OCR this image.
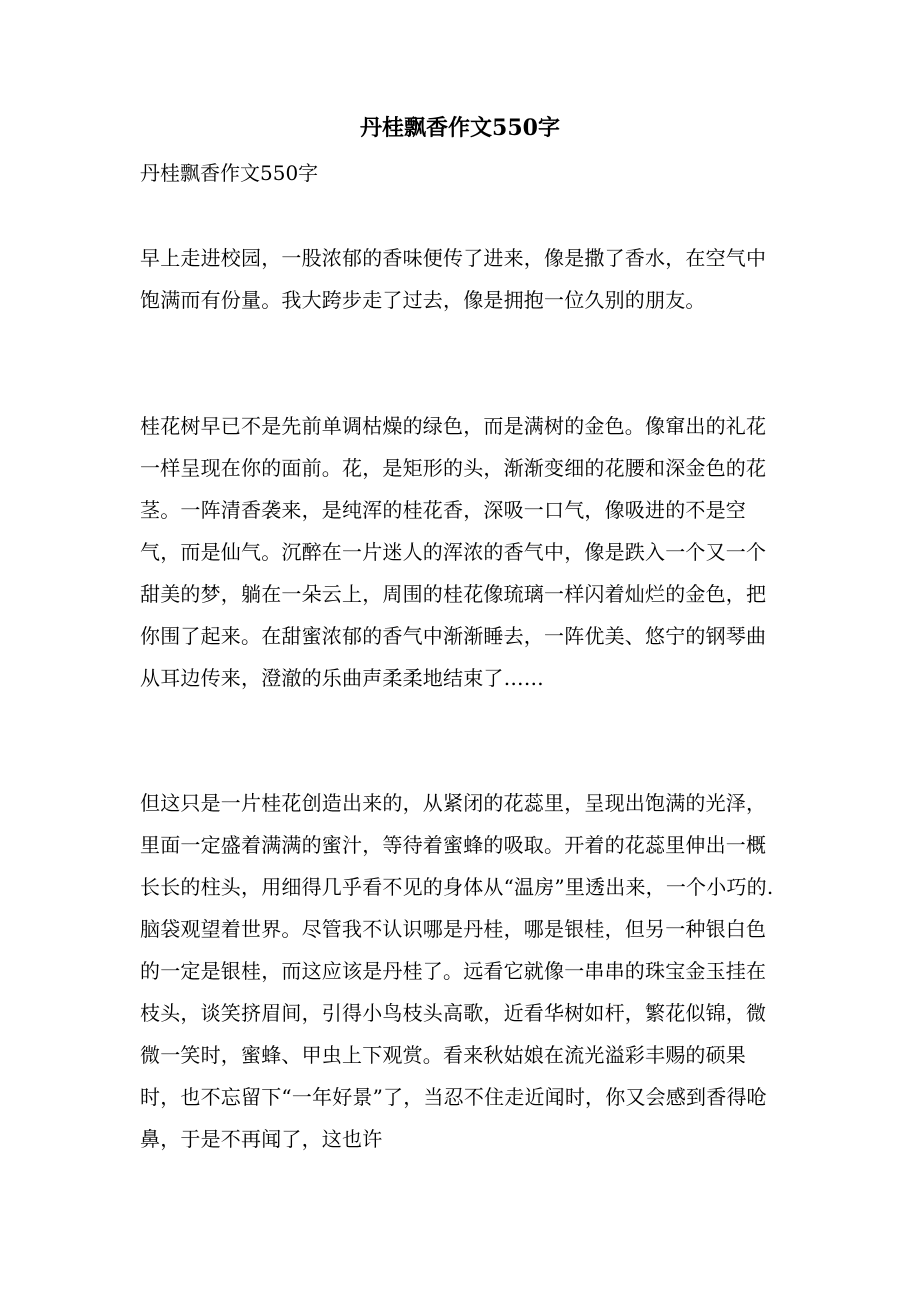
丹桂飘香作文550字
丹桂飘香作文550字

早上走进校园，一股浓郁的香味便传了进来，像是撒了香水，在空气中饱满而有份量。我大跨步走了过去，像是拥抱一位久别的朋友。

桂花树早已不是先前单调枯燥的绿色，而是满树的金色。像窜出的礼花一样呈现在你的面前。花，是矩形的头，渐渐变细的花腰和深金色的花茎。一阵清香袭来，是纯浑的桂花香，深吸一口气，像吸进的不是空气，而是仙气。沉醉在一片迷人的浑浓的香气中，像是跌入一个又一个甜美的梦，躺在一朵云上，周围的桂花像琉璃一样闪着灿烂的金色，把你围了起来。在甜蜜浓郁的香气中渐渐睡去，一阵优美、悠宁的钢琴曲从耳边传来，澄澈的乐曲声柔柔地结束了……

但这只是一片桂花创造出来的，从紧闭的花蕊里，呈现出饱满的光泽，里面一定盛着满满的蜜汁，等待着蜜蜂的吸取。开着的花蕊里伸出一概长长的柱头，用细得几乎看不见的身体从“温房”里透出来，一个小巧的.脑袋观望着世界。尽管我不认识哪是丹桂，哪是银桂，但另一种银白色的一定是银桂，而这应该是丹桂了。远看它就像一串串的珠宝金玉挂在枝头，谈笑挤眉间，引得小鸟枝头高歌，近看华树如杆，繁花似锦，微微一笑时，蜜蜂、甲虫上下观赏。看来秋姑娘在流光溢彩丰赐的硕果时，也不忘留下“一年好景”了，当忍不住走近闻时，你又会感到香得呛鼻，于是不再闻了，这也许
